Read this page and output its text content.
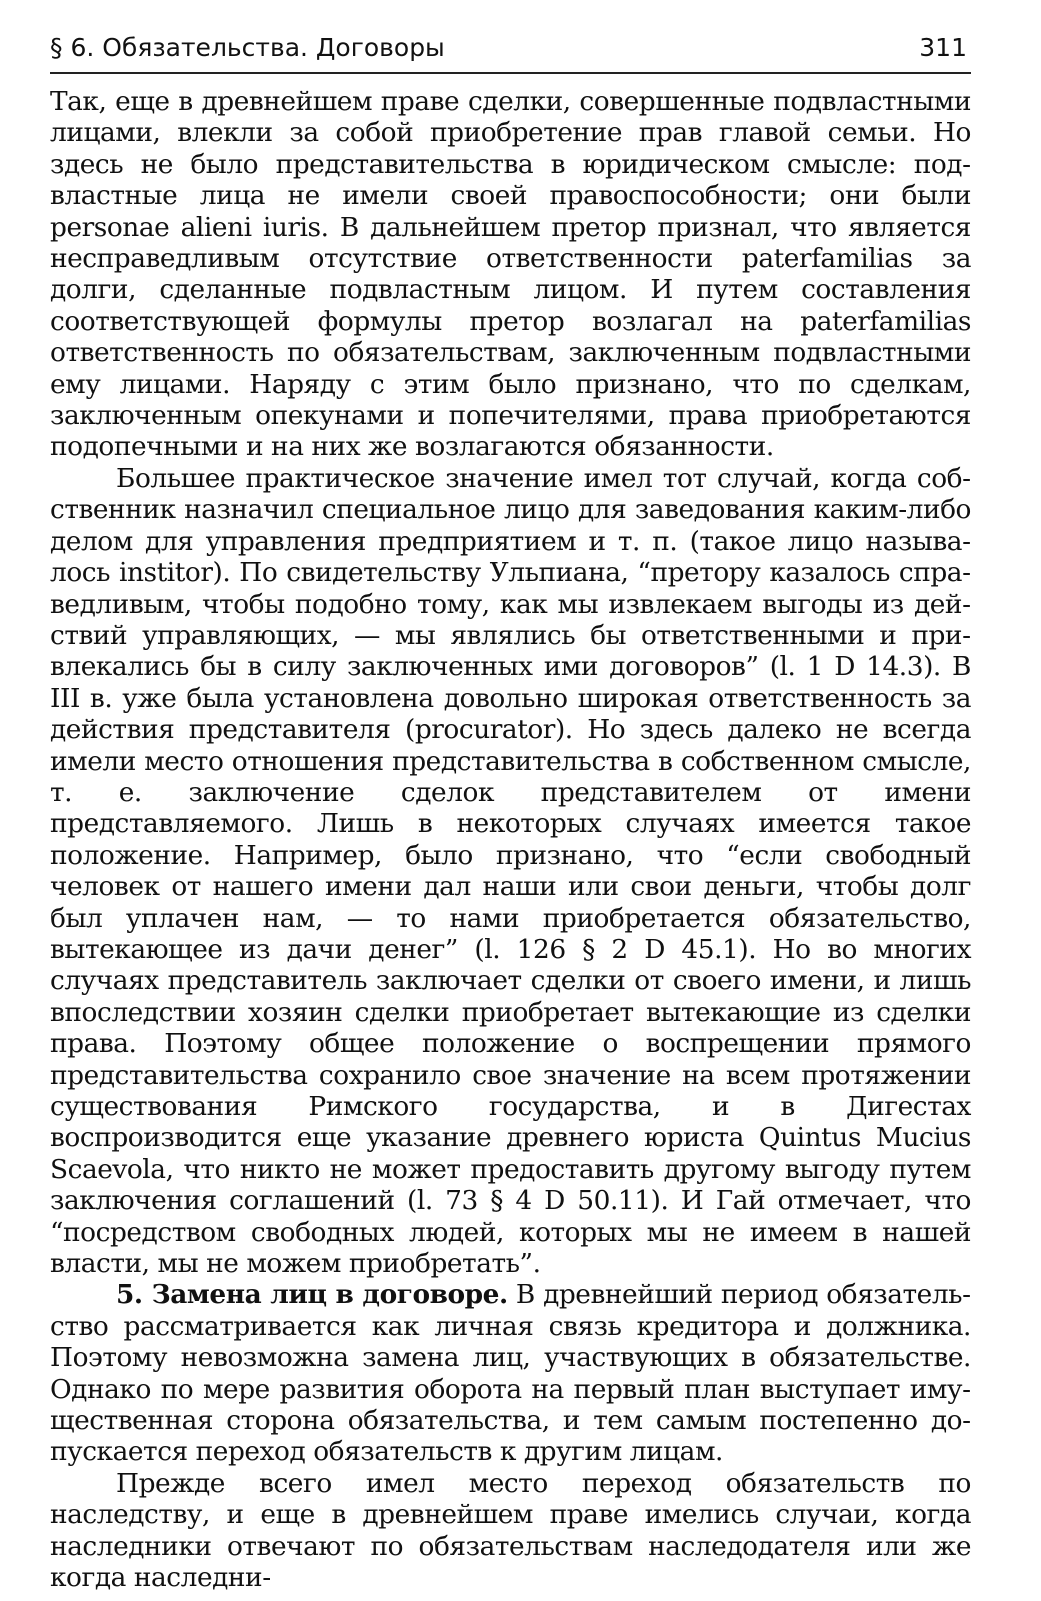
§ 6. Обязательства. Договоры	311

Так, еще в древнейшем праве сделки, совершенные подвластными лицами, влекли за собой приобретение прав главой семьи. Но здесь не было представительства в юридическом смысле: подвластные лица не имели своей правоспособности; они были personae alieni iuris. В дальнейшем претор признал, что является несправедливым отсутствие ответственности paterfamilias за долги, сделанные подвластным лицом. И путем составления соответствующей формулы претор возлагал на paterfamilias ответственность по обязательствам, заключенным подвластными ему лицами. Наряду с этим было признано, что по сделкам, заключенным опекунами и попечителями, права приобретаются подопечными и на них же возлагаются обязанности.

Большее практическое значение имел тот случай, когда собственник назначил специальное лицо для заведования каким-либо делом для управления предприятием и т. п. (такое лицо называлось institor). По свидетельству Ульпиана, “претору казалось справедливым, чтобы подобно тому, как мы извлекаем выгоды из действий управляющих, — мы являлись бы ответственными и привлекались бы в силу заключенных ими договоров” (l. 1 D 14.3). В III в. уже была установлена довольно широкая ответственность за действия представителя (procurator). Но здесь далеко не всегда имели место отношения представительства в собственном смысле, т. е. заключение сделок представителем от имени представляемого. Лишь в некоторых случаях имеется такое положение. Например, было признано, что “если свободный человек от нашего имени дал наши или свои деньги, чтобы долг был уплачен нам, — то нами приобретается обязательство, вытекающее из дачи денег” (l. 126 § 2 D 45.1). Но во многих случаях представитель заключает сделки от своего имени, и лишь впоследствии хозяин сделки приобретает вытекающие из сделки права. Поэтому общее положение о воспрещении прямого представительства сохранило свое значение на всем протяжении существования Римского государства, и в Дигестах воспроизводится еще указание древнего юриста Quintus Mucius Scaevola, что никто не может предоставить другому выгоду путем заключения соглашений (l. 73 § 4 D 50.11). И Гай отмечает, что “посредством свободных людей, которых мы не имеем в нашей власти, мы не можем приобретать”.

5. Замена лиц в договоре. В древнейший период обязательство рассматривается как личная связь кредитора и должника. Поэтому невозможна замена лиц, участвующих в обязательстве. Однако по мере развития оборота на первый план выступает имущественная сторона обязательства, и тем самым постепенно допускается переход обязательств к другим лицам.

Прежде всего имел место переход обязательств по наследству, и еще в древнейшем праве имелись случаи, когда наследники отвечают по обязательствам наследодателя или же когда наследни-
